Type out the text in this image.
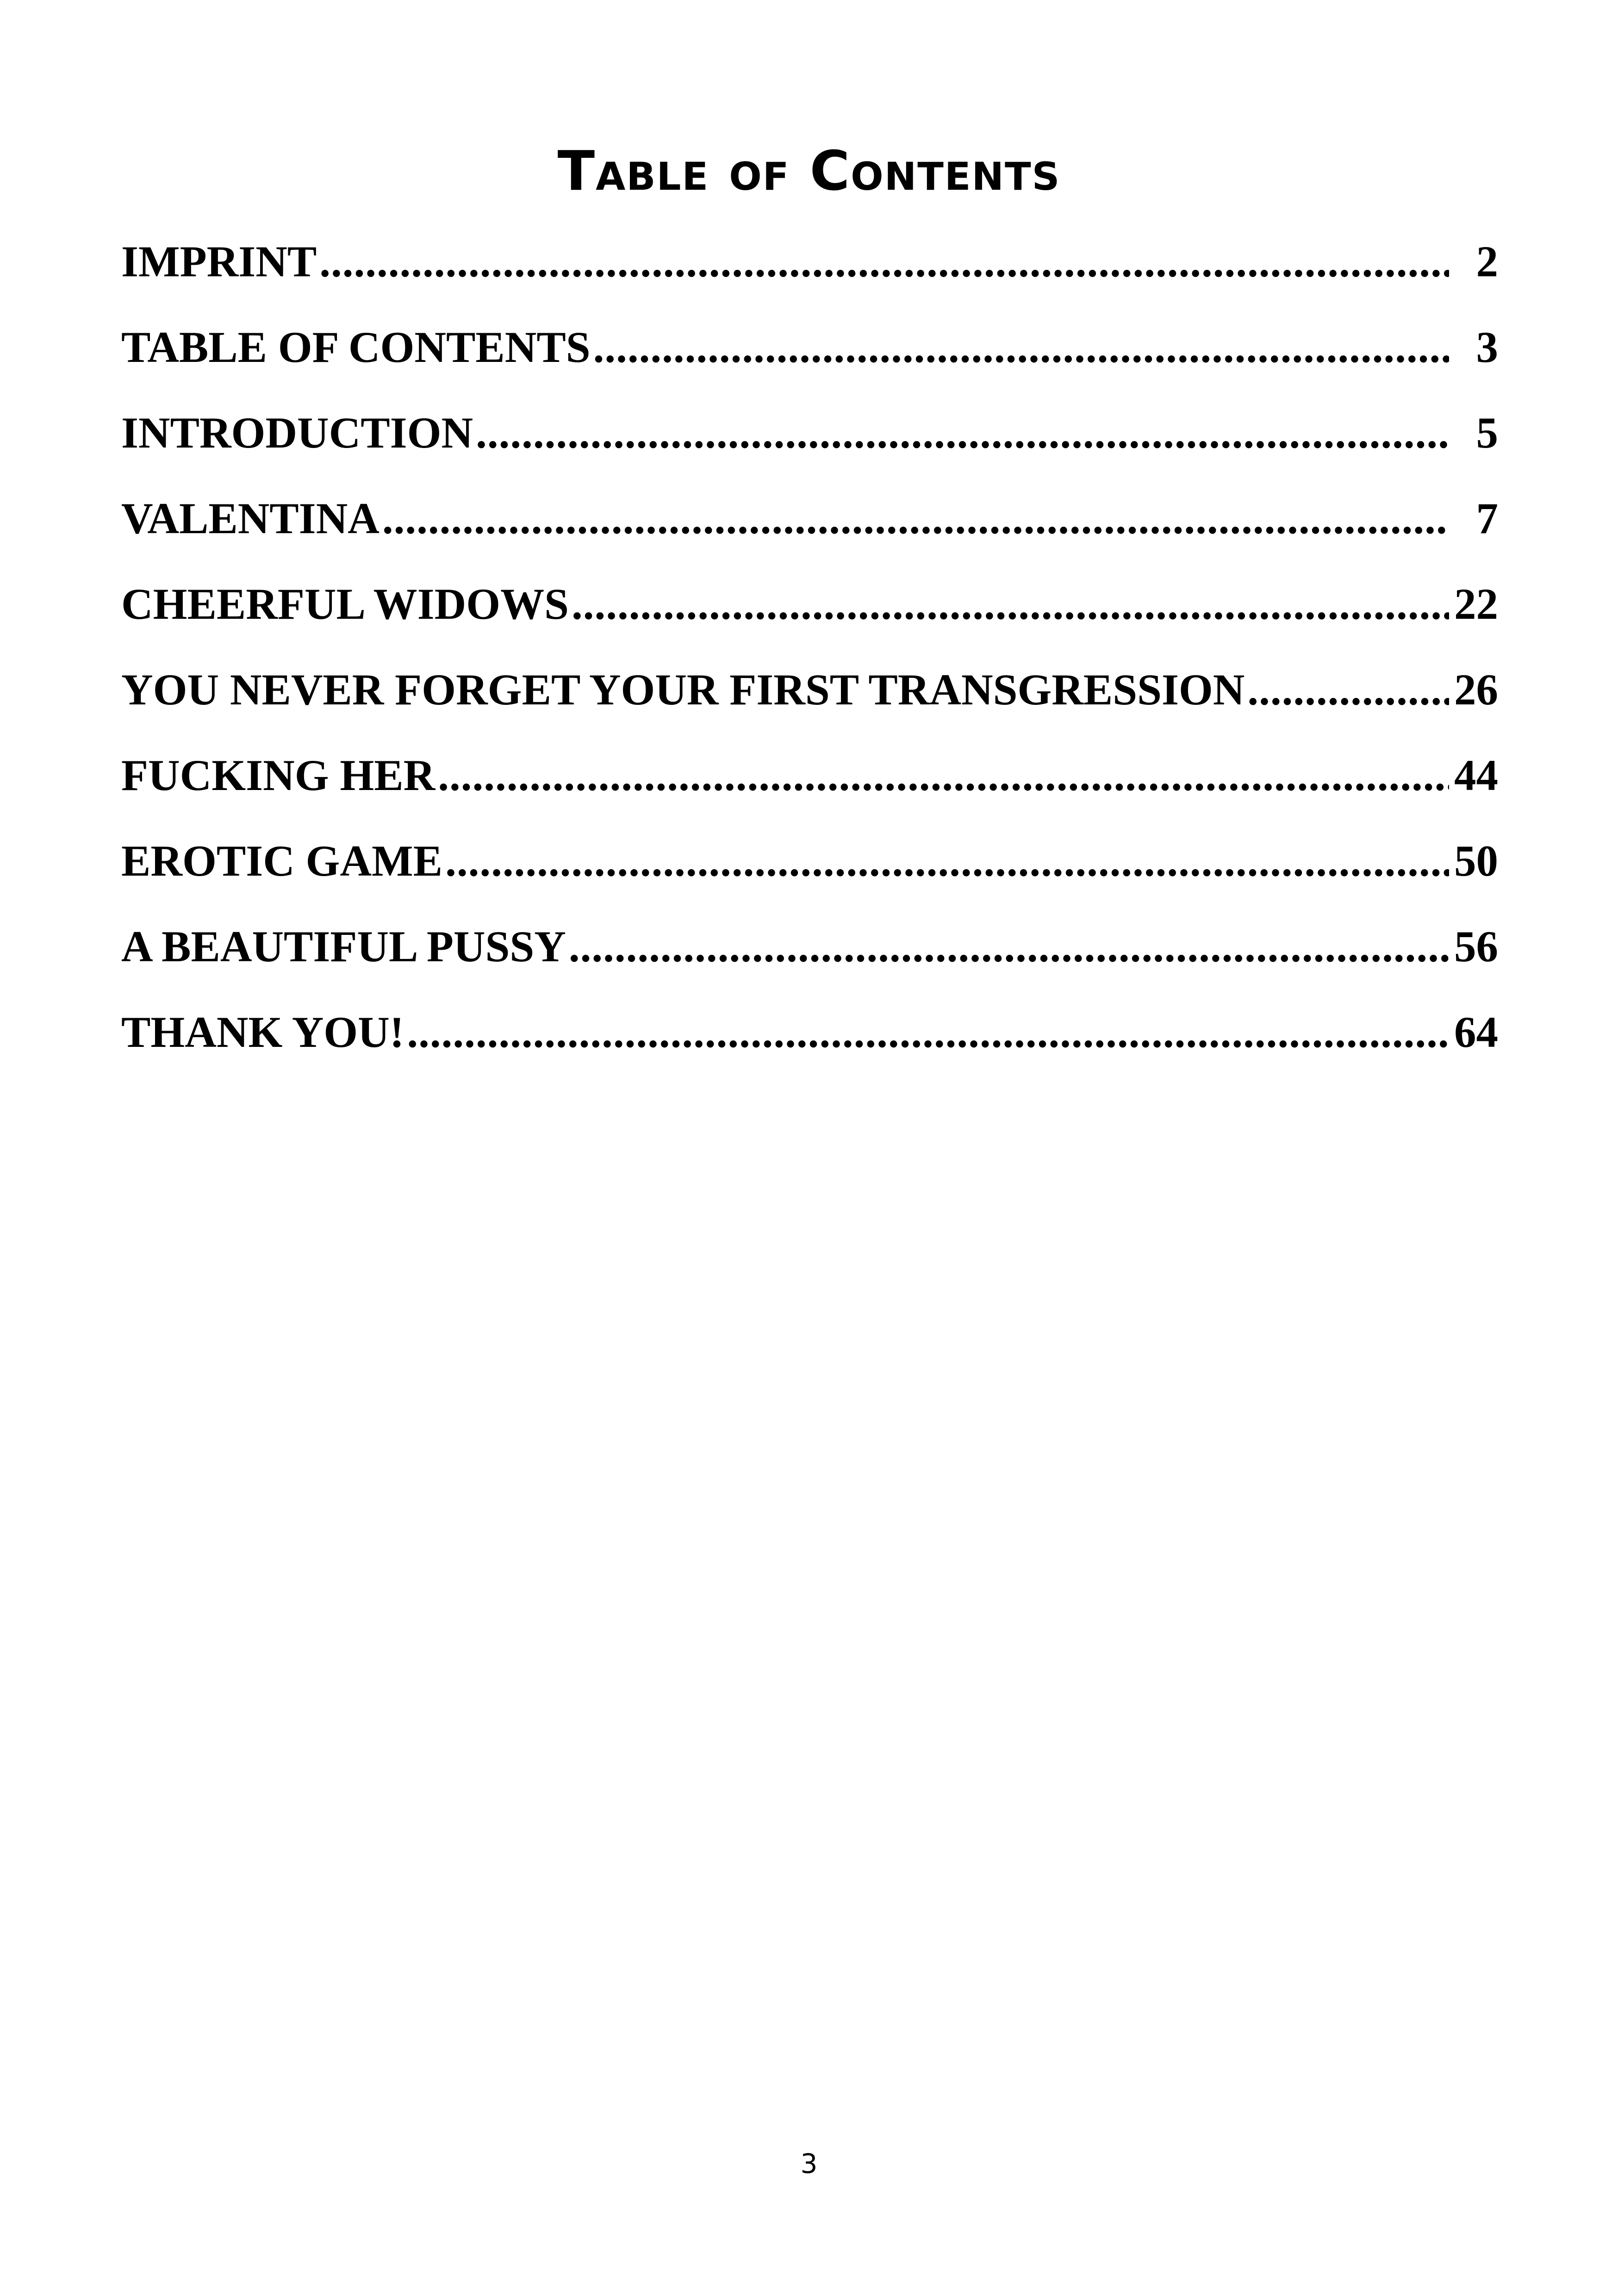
Table of Contents
IMPRINT .....	2
TABLE OF CONTENTS .....	3
INTRODUCTION .....	5
VALENTINA .....	7
CHEERFUL WIDOWS .....	22
YOU NEVER FORGET YOUR FIRST TRANSGRESSION .....	26
FUCKING HER .....	44
EROTIC GAME .....	50
A BEAUTIFUL PUSSY .....	56
THANK YOU! .....	64
3
